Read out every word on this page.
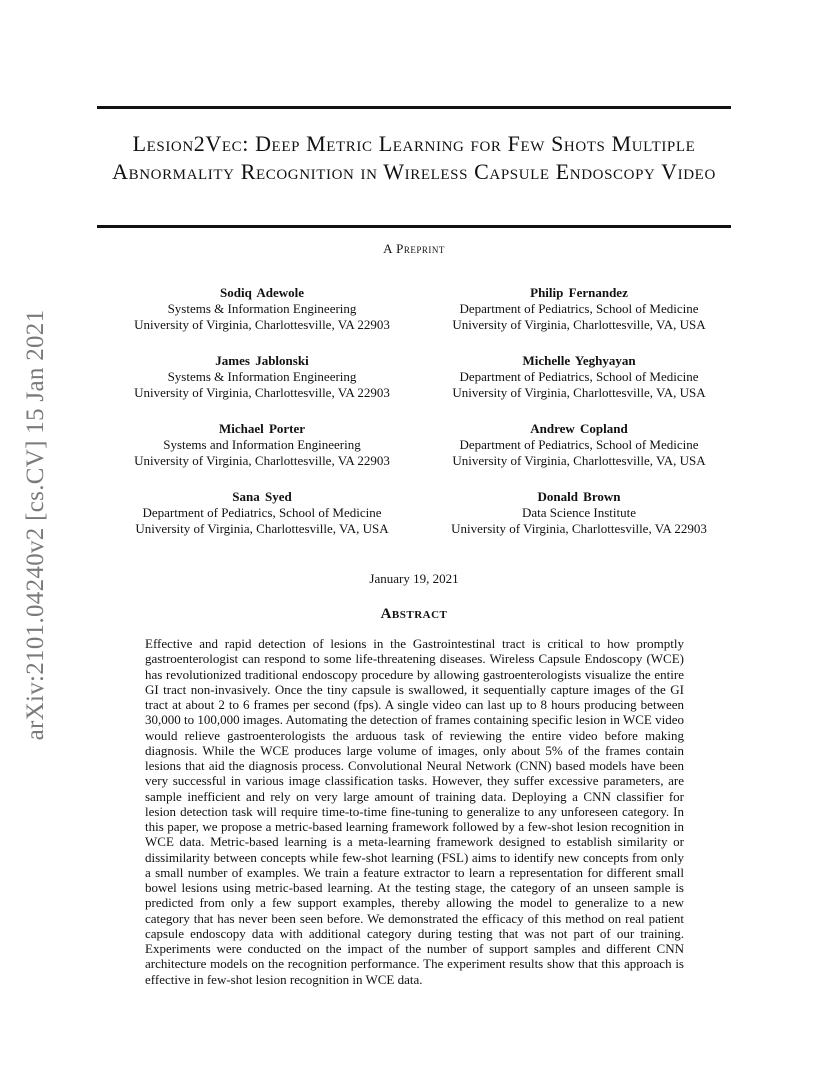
arXiv:2101.04240v2 [cs.CV] 15 Jan 2021
Lesion2Vec: Deep Metric Learning for Few Shots Multiple Abnormality Recognition in Wireless Capsule Endoscopy Video
A Preprint
Sodiq Adewole
Systems & Information Engineering
University of Virginia, Charlottesville, VA 22903
Philip Fernandez
Department of Pediatrics, School of Medicine
University of Virginia, Charlottesville, VA, USA
James Jablonski
Systems & Information Engineering
University of Virginia, Charlottesville, VA 22903
Michelle Yeghyayan
Department of Pediatrics, School of Medicine
University of Virginia, Charlottesville, VA, USA
Michael Porter
Systems and Information Engineering
University of Virginia, Charlottesville, VA 22903
Andrew Copland
Department of Pediatrics, School of Medicine
University of Virginia, Charlottesville, VA, USA
Sana Syed
Department of Pediatrics, School of Medicine
University of Virginia, Charlottesville, VA, USA
Donald Brown
Data Science Institute
University of Virginia, Charlottesville, VA 22903
January 19, 2021
Abstract

Effective and rapid detection of lesions in the Gastrointestinal tract is critical to how promptly gastroenterologist can respond to some life-threatening diseases. Wireless Capsule Endoscopy (WCE) has revolutionized traditional endoscopy procedure by allowing gastroenterologists visualize the entire GI tract non-invasively. Once the tiny capsule is swallowed, it sequentially capture images of the GI tract at about 2 to 6 frames per second (fps). A single video can last up to 8 hours producing between 30,000 to 100,000 images. Automating the detection of frames containing specific lesion in WCE video would relieve gastroenterologists the arduous task of reviewing the entire video before making diagnosis. While the WCE produces large volume of images, only about 5% of the frames contain lesions that aid the diagnosis process. Convolutional Neural Network (CNN) based models have been very successful in various image classification tasks. However, they suffer excessive parameters, are sample inefficient and rely on very large amount of training data. Deploying a CNN classifier for lesion detection task will require time-to-time fine-tuning to generalize to any unforeseen category. In this paper, we propose a metric-based learning framework followed by a few-shot lesion recognition in WCE data. Metric-based learning is a meta-learning framework designed to establish similarity or dissimilarity between concepts while few-shot learning (FSL) aims to identify new concepts from only a small number of examples. We train a feature extractor to learn a representation for different small bowel lesions using metric-based learning. At the testing stage, the category of an unseen sample is predicted from only a few support examples, thereby allowing the model to generalize to a new category that has never been seen before. We demonstrated the efficacy of this method on real patient capsule endoscopy data with additional category during testing that was not part of our training. Experiments were conducted on the impact of the number of support samples and different CNN architecture models on the recognition performance. The experiment results show that this approach is effective in few-shot lesion recognition in WCE data.
